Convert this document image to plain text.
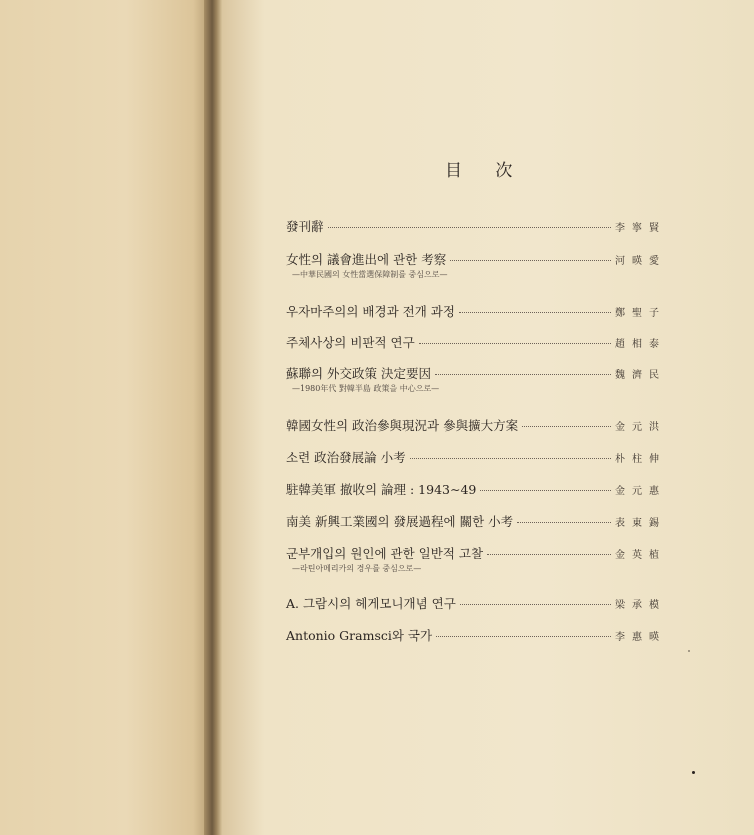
目 次
發刊辭	李寧賢
女性의 議會進出에 관한 考察	河暎愛
—中華民國의 女性當選保障制를 중심으로—
우자마주의의 배경과 전개 과정	鄭聖子
주체사상의 비판적 연구	趙相泰
蘇聯의 外交政策 決定要因	魏濟民
—1980年代 對韓半島 政策을 中心으로—
韓國女性의 政治參與現況과 參與擴大方案	金元洪
소련 政治發展論 小考	朴柱伸
駐韓美軍 撤收의 論理 : 1943∼49	金元惠
南美 新興工業國의 發展過程에 關한 小考	表東錫
군부개입의 원인에 관한 일반적 고찰	金英植
—라틴아메리카의 경우를 중심으로—
A. 그람시의 헤게모니개념 연구	梁承模
Antonio Gramsci와 국가	李惠暎
